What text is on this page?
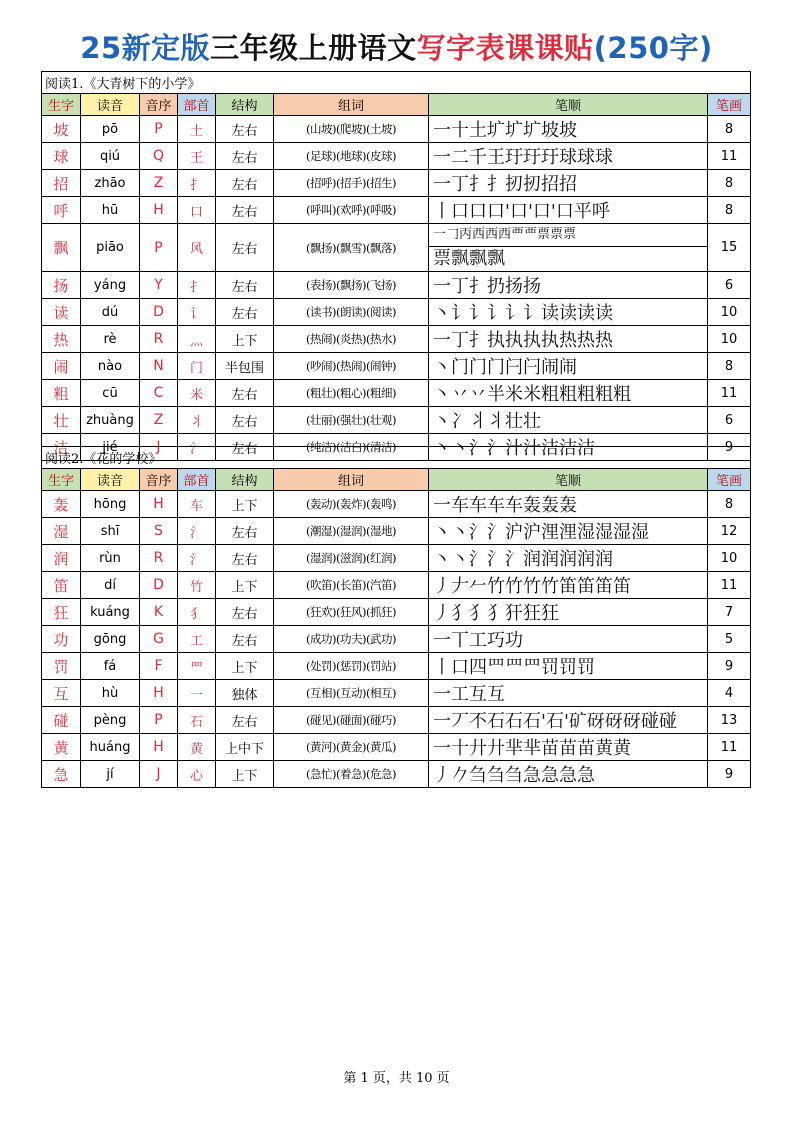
25新定版三年级上册语文写字表课课贴(250字)
阅读1.《大青树下的小学》							
生字	读音	音序	部首	结构	组词	笔顺	笔画
坡	pō	P	土	左右	(山坡)(爬坡)(土坡)	一十土圹圹圹坡坡	8
球	qiú	Q	王	左右	(足球)(地球)(皮球)	一二千王玗玗玗球球球	11
招	zhāo	Z	扌	左右	(招呼)(招手)(招生)	一丁扌扌扨扨招招	8
呼	hū	H	口	左右	(呼叫)(欢呼)(呼吸)	丨口口口'口'口'口平呼	8
飘	piāo	P	风	左右	(飘扬)(飘雪)(飘落)	一𠃌丙西西西覀覀票票票
票飘飘飘	15
扬	yáng	Y	扌	左右	(表扬)(飘扬)(飞扬)	一丁扌扔扬扬	6
读	dú	D	讠	左右	(读书)(朗读)(阅读)	丶讠讠讠讠讠读读读读	10
热	rè	R	灬	上下	(热闹)(炎热)(热水)	一丁扌执执执执热热热	10
闹	nào	N	门	半包围	(吵闹)(热闹)(闹钟)	丶门门门闩闩闹闹	8
粗	cū	C	米	左右	(粗壮)(粗心)(粗细)	丶丷丷半米米粗粗粗粗粗	11
壮	zhuàng	Z	丬	左右	(壮丽)(强壮)(壮观)	丶冫丬丬壮壮	6
洁	jié	J	氵	左右	(纯洁)(洁白)(清洁)	丶丶氵氵汁汁洁洁洁	9
阅读2.《花的学校》							
生字	读音	音序	部首	结构	组词	笔顺	笔画
轰	hōng	H	车	上下	(轰动)(轰炸)(轰鸣)	一车车车车轰轰轰	8
湿	shī	S	氵	左右	(潮湿)(湿润)(湿地)	丶丶氵氵沪沪浬浬湿湿湿湿	12
润	rùn	R	氵	左右	(湿润)(滋润)(红润)	丶丶氵氵氵润润润润润	10
笛	dí	D	竹	上下	(吹笛)(长笛)(汽笛)	丿𠂇𠂉竹竹竹竹笛笛笛笛	11
狂	kuáng	K	犭	左右	(狂欢)(狂风)(抓狂)	丿犭犭犭犴狂狂	7
功	gōng	G	工	左右	(成功)(功夫)(武功)	一丅工巧功	5
罚	fá	F	罒	上下	(处罚)(惩罚)(罚站)	丨口四罒罒罒罚罚罚	9
互	hù	H	一	独体	(互相)(互动)(相互)	一工互互	4
碰	pèng	P	石	左右	(碰见)(碰面)(碰巧)	一丆不石石石'石'矿砑砑砑碰碰	13
黄	huáng	H	黄	上中下	(黄河)(黄金)(黄瓜)	一十廾廾芈芈苗苗苗黄黄	11
急	jí	J	心	上下	(急忙)(着急)(危急)	丿𠂊刍刍刍急急急急	9
第 1 页，共 10 页
